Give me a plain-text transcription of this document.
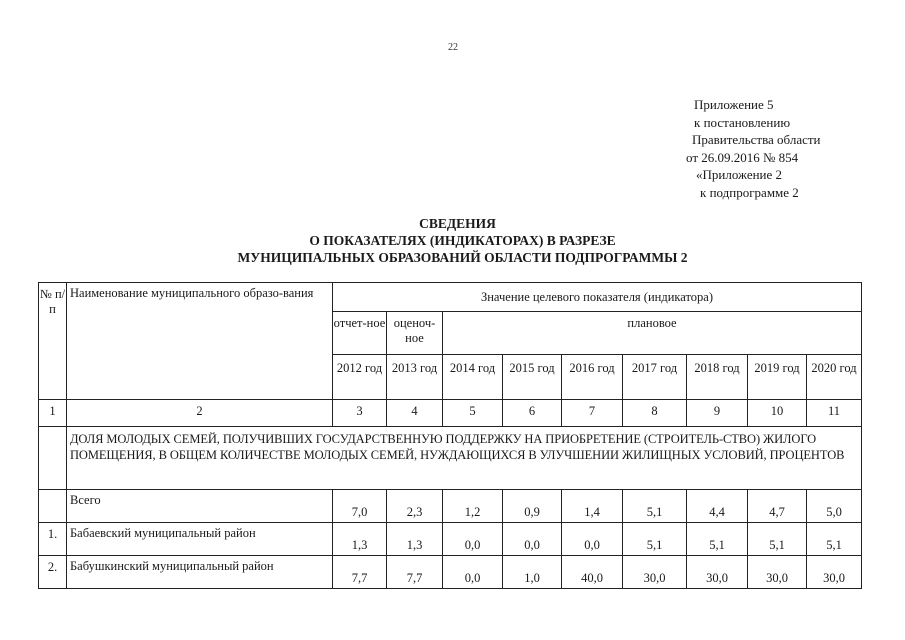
22
Приложение 5
к постановлению
Правительства области
от 26.09.2016 № 854
«Приложение 2
к подпрограмме 2
СВЕДЕНИЯ
О ПОКАЗАТЕЛЯХ (ИНДИКАТОРАХ) В РАЗРЕЗЕ
МУНИЦИПАЛЬНЫХ ОБРАЗОВАНИЙ ОБЛАСТИ ПОДПРОГРАММЫ 2
№ п/п	Наименование муниципального образо-вания	Значение целевого показателя (индикатора)								
		отчет-ное	оценоч-ное	плановое						
		2012 год	2013 год	2014 год	2015 год	2016 год	2017 год	2018 год	2019 год	2020 год
1	2	3	4	5	6	7	8	9	10	11
	ДОЛЯ МОЛОДЫХ СЕМЕЙ, ПОЛУЧИВШИХ ГОСУДАРСТВЕННУЮ ПОДДЕРЖКУ НА ПРИОБРЕТЕНИЕ (СТРОИТЕЛЬ-СТВО) ЖИЛОГО ПОМЕЩЕНИЯ, В ОБЩЕМ КОЛИЧЕСТВЕ МОЛОДЫХ СЕМЕЙ, НУЖДАЮЩИХСЯ В УЛУЧШЕНИИ ЖИЛИЩНЫХ УСЛОВИЙ, ПРОЦЕНТОВ									
	Всего	7,0	2,3	1,2	0,9	1,4	5,1	4,4	4,7	5,0
1.	Бабаевский муниципальный район	1,3	1,3	0,0	0,0	0,0	5,1	5,1	5,1	5,1
2.	Бабушкинский муниципальный район	7,7	7,7	0,0	1,0	40,0	30,0	30,0	30,0	30,0
